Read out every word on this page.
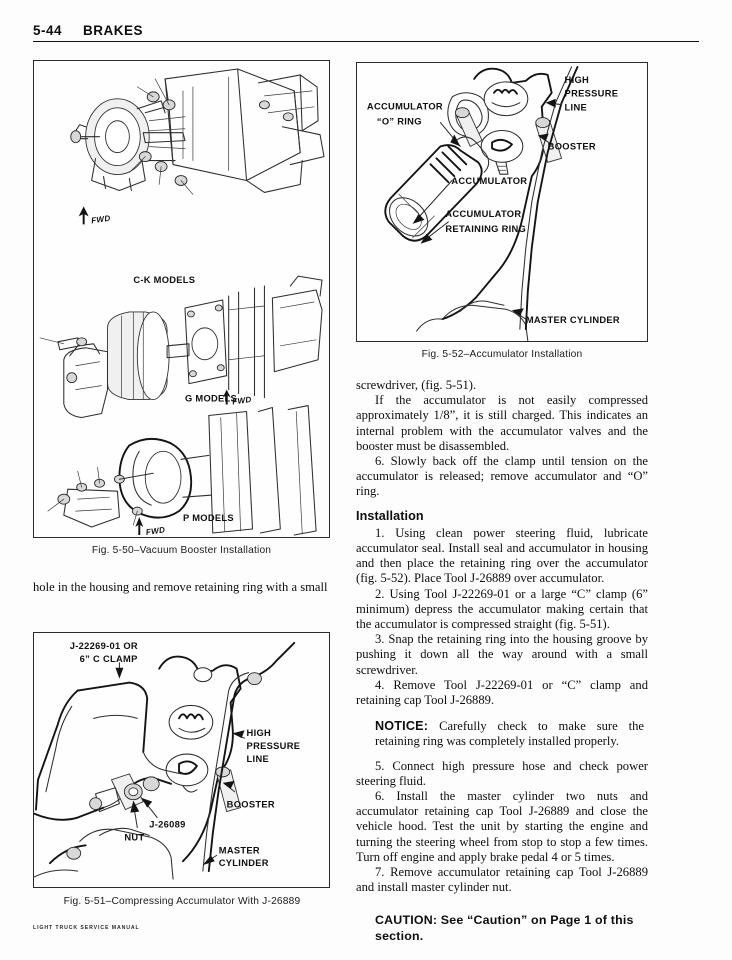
5-44 BRAKES
FWD
C-K MODELS
FWD
G MODELS
FWD
P MODELS
Fig. 5-50–Vacuum Booster Installation
ACCUMULATOR
“O” RING
HIGH
PRESSURE
LINE
BOOSTER
ACCUMULATOR
ACCUMULATOR
RETAINING RING
MASTER CYLINDER
Fig. 5-52–Accumulator Installation
J-22269-01 OR
6” C CLAMP
HIGH
PRESSURE
LINE
BOOSTER
J-26089
NUT
MASTER
CYLINDER
Fig. 5-51–Compressing Accumulator With J-26889

hole in the housing and remove retaining ring with a small

screwdriver, (fig. 5-51).

If the accumulator is not easily compressed approximately 1/8”, it is still charged. This indicates an internal problem with the accumulator valves and the booster must be disassembled.

6. Slowly back off the clamp until tension on the accumulator is released; remove accumulator and “O” ring.

Installation

1. Using clean power steering fluid, lubricate accumulator seal. Install seal and accumulator in housing and then place the retaining ring over the accumulator (fig. 5-52). Place Tool J-26889 over accumulator.

2. Using Tool J-22269-01 or a large “C” clamp (6” minimum) depress the accumulator making certain that the accumulator is compressed straight (fig. 5-51).

3. Snap the retaining ring into the housing groove by pushing it down all the way around with a small screwdriver.

4. Remove Tool J-22269-01 or “C” clamp and retaining cap Tool J-26889.

NOTICE: Carefully check to make sure the retaining ring was completely installed properly.

5. Connect high pressure hose and check power steering fluid.

6. Install the master cylinder two nuts and accumulator retaining cap Tool J-26889 and close the vehicle hood. Test the unit by starting the engine and turning the steering wheel from stop to stop a few times. Turn off engine and apply brake pedal 4 or 5 times.

7. Remove accumulator retaining cap Tool J-26889 and install master cylinder nut.

CAUTION: See “Caution” on Page 1 of this section.
LIGHT TRUCK SERVICE MANUAL
